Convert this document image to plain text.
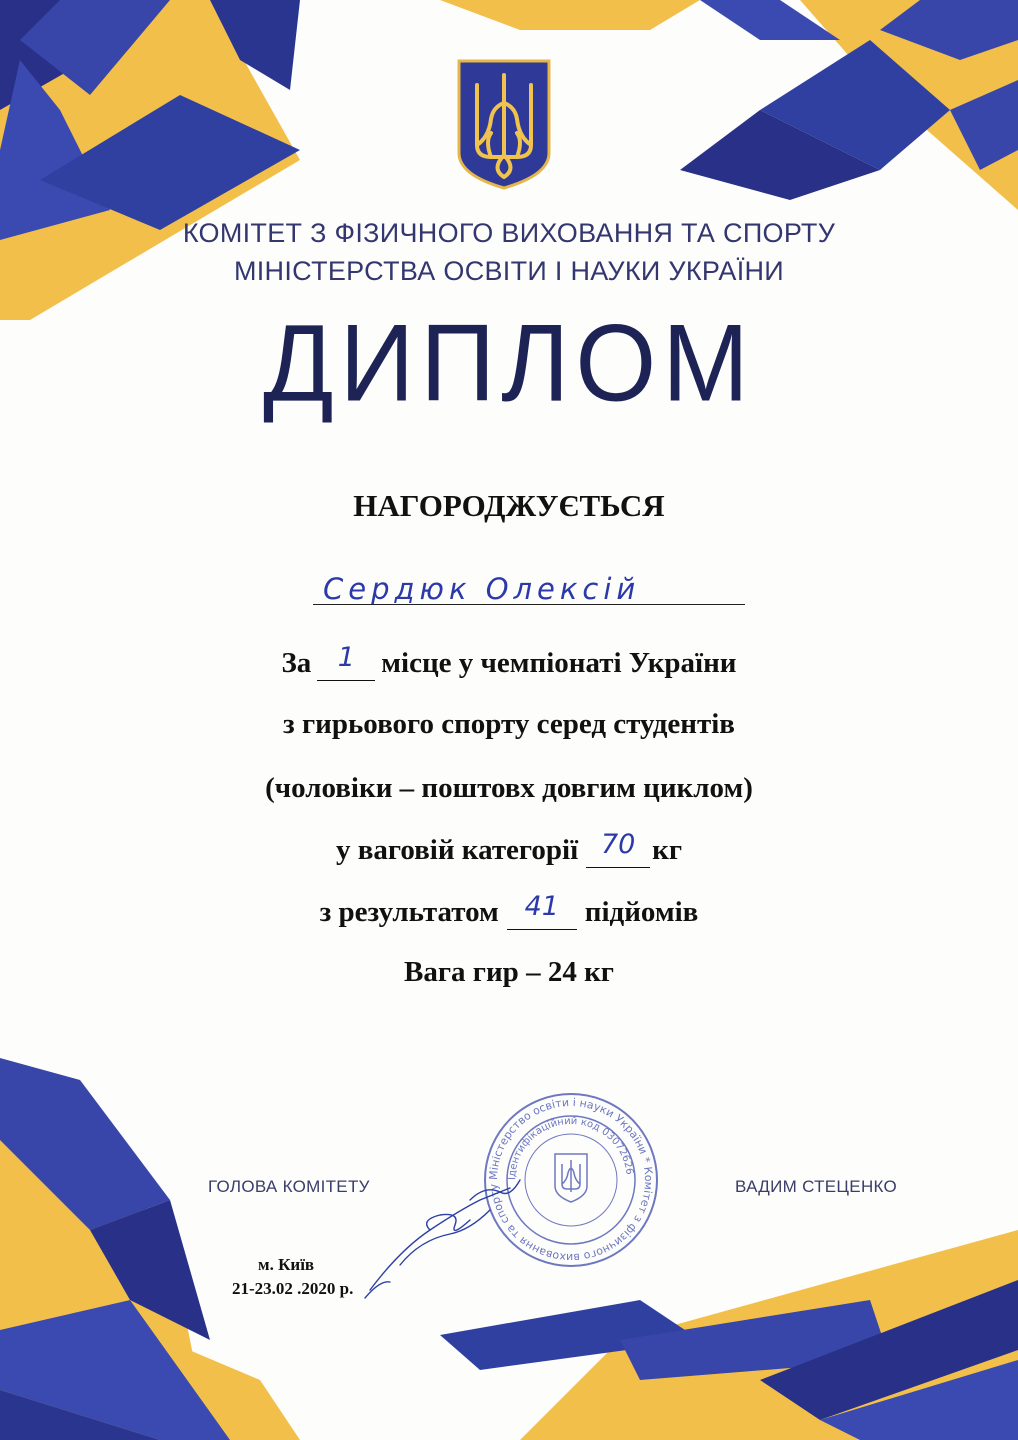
КОМІТЕТ З ФІЗИЧНОГО ВИХОВАННЯ ТА СПОРТУ
МІНІСТЕРСТВА ОСВІТИ І НАУКИ УКРАЇНИ
ДИПЛОМ
НАГОРОДЖУЄТЬСЯ
Сердюк Олексій
За 1 місце у чемпіонаті України
з гирьового спорту серед студентів
(чоловіки – поштовх довгим циклом)
у ваговій категорії 70 кг
з результатом 41 підйомів
Вага гир – 24 кг
ГОЛОВА КОМІТЕТУ	ВАДИМ СТЕЦЕНКО
Міністерство освіти і науки України * Комітет з фізичного виховання та спорту
Ідентифікаційний код 03072626
м. Київ
21-23.02 .2020 р.
